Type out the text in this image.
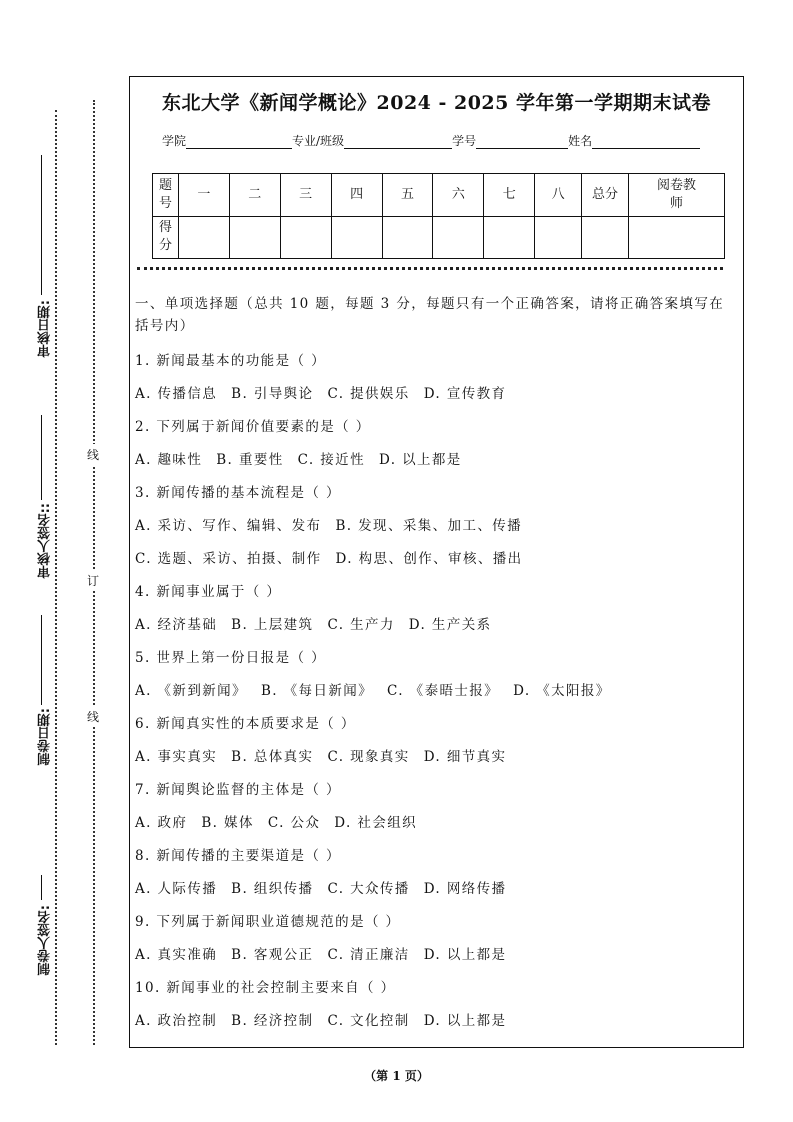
审核日期:
审核人签名::
制卷日期:
制卷人签名:
线
订
线
东北大学《新闻学概论》2024 - 2025 学年第一学期期末试卷
学院	专业/班级	学号	姓名
题号	一	二	三	四	五	六	七	八	总分	阅卷教师
得分										
一、单项选择题（总共 10 题，每题 3 分，每题只有一个正确答案，请将正确答案填写在括号内）
1. 新闻最基本的功能是（ ）
A. 传播信息 B. 引导舆论 C. 提供娱乐 D. 宣传教育
2. 下列属于新闻价值要素的是（ ）
A. 趣味性 B. 重要性 C. 接近性 D. 以上都是
3. 新闻传播的基本流程是（ ）
A. 采访、写作、编辑、发布 B. 发现、采集、加工、传播
C. 选题、采访、拍摄、制作 D. 构思、创作、审核、播出
4. 新闻事业属于（ ）
A. 经济基础 B. 上层建筑 C. 生产力 D. 生产关系
5. 世界上第一份日报是（ ）
A. 《新到新闻》 B. 《每日新闻》 C. 《泰晤士报》 D. 《太阳报》
6. 新闻真实性的本质要求是（ ）
A. 事实真实 B. 总体真实 C. 现象真实 D. 细节真实
7. 新闻舆论监督的主体是（ ）
A. 政府 B. 媒体 C. 公众 D. 社会组织
8. 新闻传播的主要渠道是（ ）
A. 人际传播 B. 组织传播 C. 大众传播 D. 网络传播
9. 下列属于新闻职业道德规范的是（ ）
A. 真实准确 B. 客观公正 C. 清正廉洁 D. 以上都是
10. 新闻事业的社会控制主要来自（ ）
A. 政治控制 B. 经济控制 C. 文化控制 D. 以上都是
（第 1 页）
